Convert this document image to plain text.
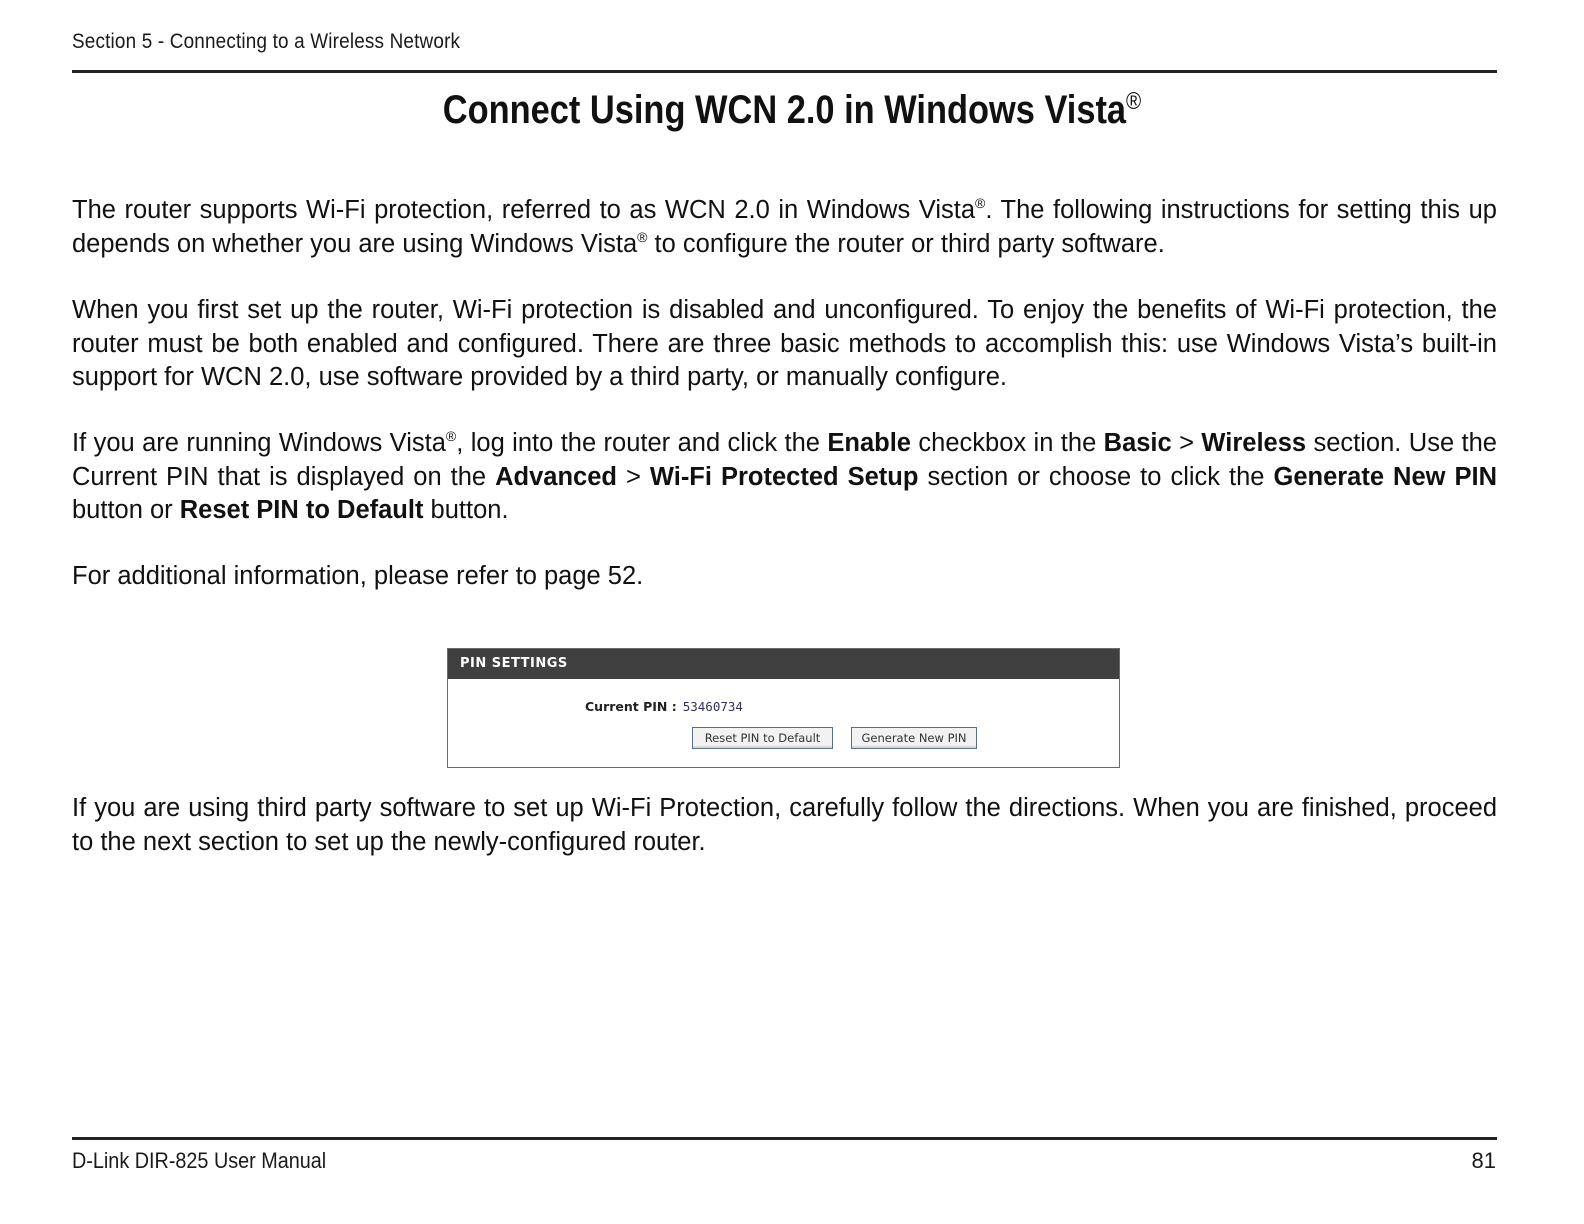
Section 5 - Connecting to a Wireless Network
Connect Using WCN 2.0 in Windows Vista®

The router supports Wi-Fi protection, referred to as WCN 2.0 in Windows Vista®. The following instructions for setting this up depends on whether you are using Windows Vista® to configure the router or third party software.

When you first set up the router, Wi-Fi protection is disabled and unconfigured. To enjoy the benefits of Wi-Fi protection, the router must be both enabled and configured. There are three basic methods to accomplish this: use Windows Vista’s built-in support for WCN 2.0, use software provided by a third party, or manually configure.

If you are running Windows Vista®, log into the router and click the Enable checkbox in the Basic > Wireless section. Use the Current PIN that is displayed on the Advanced > Wi-Fi Protected Setup section or choose to click the Generate New PIN button or Reset PIN to Default button.

For additional information, please refer to page 52.

PIN SETTINGS
Current PIN : 53460734
Reset PIN to Default	Generate New PIN

If you are using third party software to set up Wi-Fi Protection, carefully follow the directions. When you are finished, proceed to the next section to set up the newly-configured router.

D-Link DIR-825 User Manual	81
